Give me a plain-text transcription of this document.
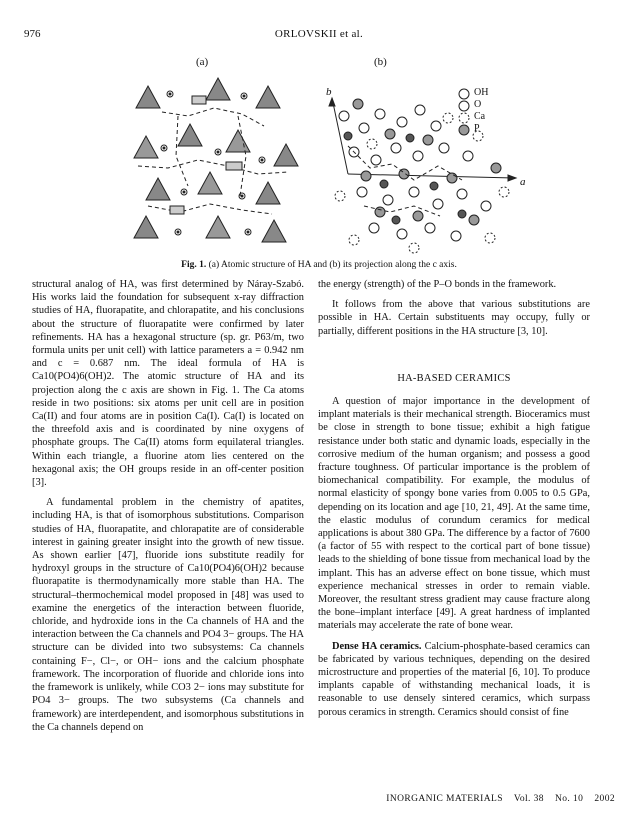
976	ORLOVSKII et al.
(a)	(b)
b
a
OH
O
Ca
P
Fig. 1. (a) Atomic structure of HA and (b) its projection along the c axis.

structural analog of HA, was first determined by Náray-Szabó. His works laid the foundation for subsequent x-ray diffraction studies of HA, fluorapatite, and chlorapatite, and his conclusions about the structure of fluorapatite were confirmed by later refinements. HA has a hexagonal structure (sp. gr. P63/m, two formula units per unit cell) with lattice parameters a = 0.942 nm and c = 0.687 nm. The ideal formula of HA is Ca10(PO4)6(OH)2. The atomic structure of HA and its projection along the c axis are shown in Fig. 1. The Ca atoms reside in two positions: six atoms per unit cell are in position Ca(II) and four atoms are in position Ca(I). Ca(I) is located on the threefold axis and is coordinated by nine oxygens of phosphate groups. The Ca(II) atoms form equilateral triangles. Within each triangle, a fluorine atom lies centered on the hexagonal axis; the OH groups reside in an off-center position [3].

A fundamental problem in the chemistry of apatites, including HA, is that of isomorphous substitutions. Comparison studies of HA, fluorapatite, and chlorapatite are of considerable interest in gaining greater insight into the growth of new tissue. As shown earlier [47], fluoride ions substitute readily for hydroxyl groups in the structure of Ca10(PO4)6(OH)2 because fluorapatite is thermodynamically more stable than HA. The structural–thermochemical model proposed in [48] was used to examine the energetics of the interaction between fluoride, chloride, and hydroxide ions in the Ca channels of HA and the interaction between the Ca channels and PO4 3− groups. The HA structure can be divided into two subsystems: Ca channels containing F−, Cl−, or OH− ions and the calcium phosphate framework. The incorporation of fluoride and chloride ions into the framework is unlikely, while CO3 2− ions may substitute for PO4 3− groups. The two subsystems (Ca channels and framework) are interdependent, and isomorphous substitutions in the Ca channels depend on

the energy (strength) of the P–O bonds in the framework.

It follows from the above that various substitutions are possible in HA. Certain substituents may occupy, fully or partially, different positions in the HA structure [3, 10].

HA-BASED CERAMICS

A question of major importance in the development of implant materials is their mechanical strength. Bioceramics must be close in strength to bone tissue; exhibit a high fatigue resistance under both static and dynamic loads, especially in the corrosive medium of the human organism; and possess a good fracture toughness. Of particular importance is the problem of biomechanical compatibility. For example, the modulus of normal elasticity of spongy bone varies from 0.005 to 0.5 GPa, depending on its location and age [10, 21, 49]. At the same time, the elastic modulus of corundum ceramics for medical applications is about 380 GPa. The difference by a factor of 7600 (a factor of 55 with respect to the cortical part of bone tissue) leads to the shielding of bone tissue from mechanical load by the implant. This has an adverse effect on bone tissue, which must experience mechanical stresses in order to remain viable. Moreover, the resultant stress gradient may cause fracture along the bone–implant interface [49]. A great hardness of implanted materials may accelerate the rate of bone wear.

Dense HA ceramics. Calcium-phosphate-based ceramics can be fabricated by various techniques, depending on the desired microstructure and properties of the material [6, 10]. To produce implants capable of withstanding mechanical loads, it is reasonable to use densely sintered ceramics, which surpass porous ceramics in strength. Ceramics should consist of fine

INORGANIC MATERIALS Vol. 38 No. 10 2002
